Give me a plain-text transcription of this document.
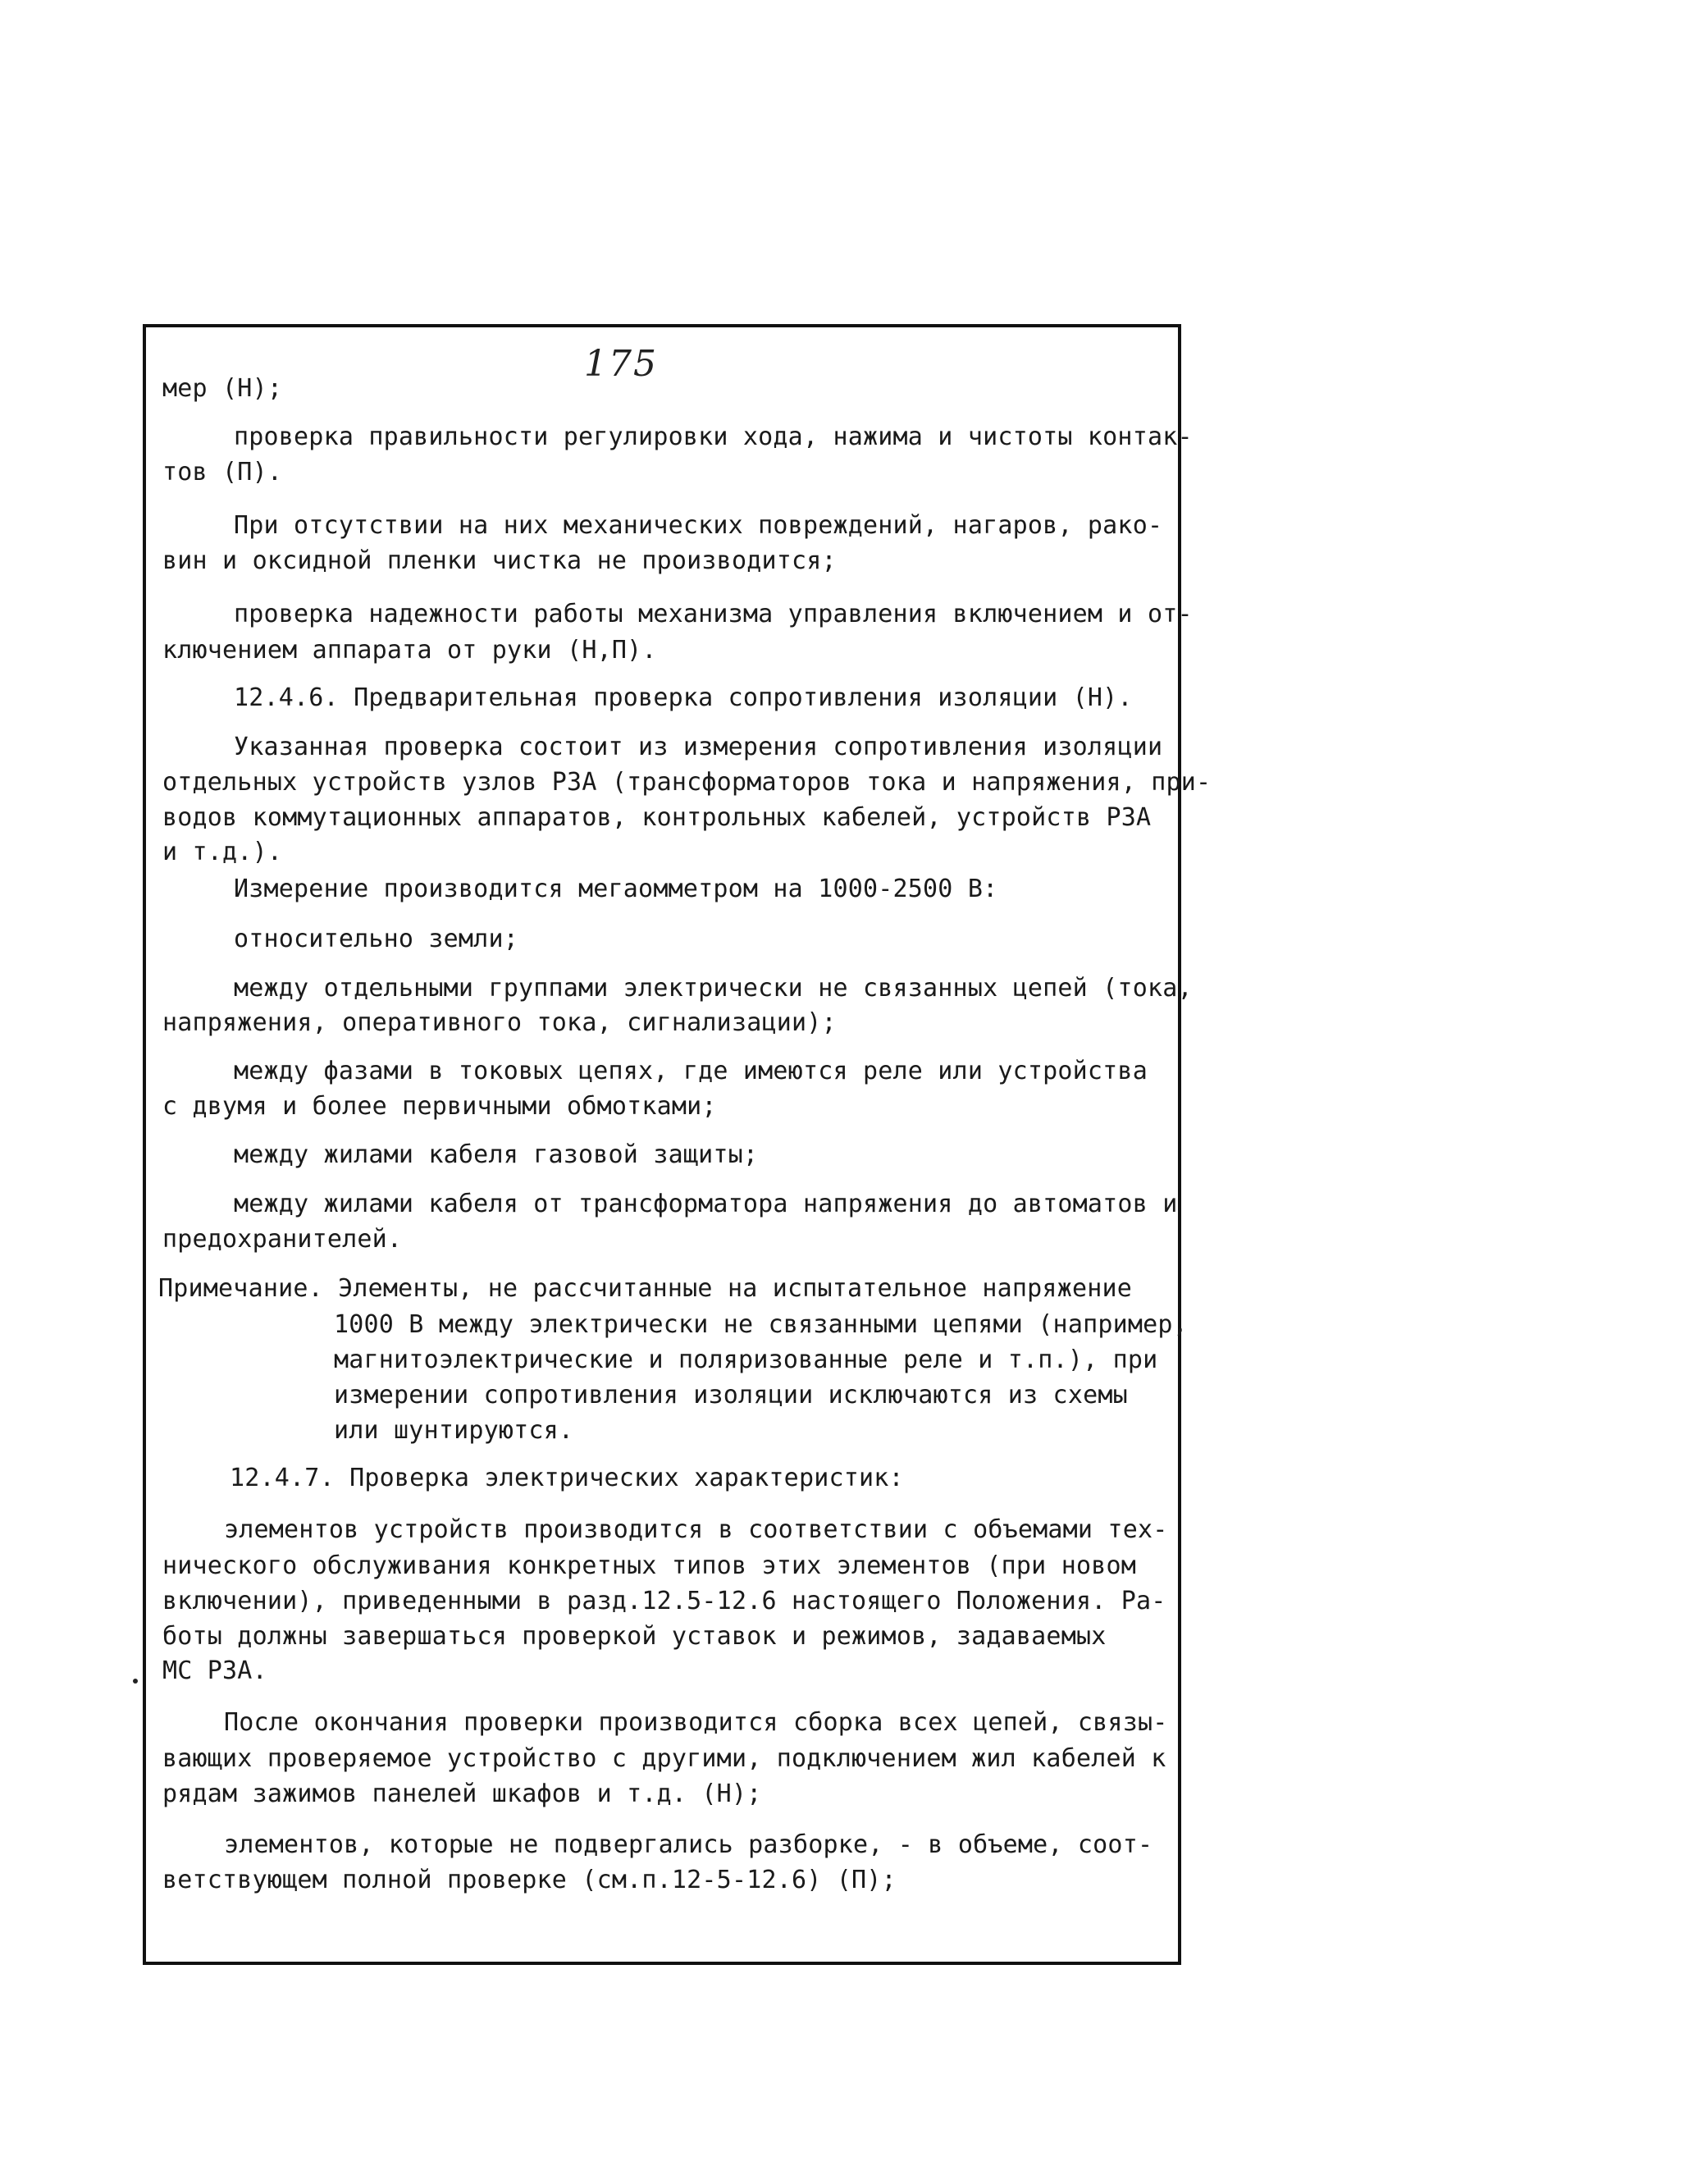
175
мер (Н);
проверка правильности регулировки хода, нажима и чистоты контак-
тов (П).
При отсутствии на них механических повреждений, нагаров, рако-
вин и оксидной пленки чистка не производится;
проверка надежности работы механизма управления включением и от-
ключением аппарата от руки (Н,П).
12.4.6. Предварительная проверка сопротивления изоляции (Н).
Указанная проверка состоит из измерения сопротивления изоляции
отдельных устройств узлов РЗА (трансформаторов тока и напряжения, при-
водов коммутационных аппаратов, контрольных кабелей, устройств РЗА
и т.д.).
Измерение производится мегаомметром на 1000-2500 В:
относительно земли;
между отдельными группами электрически не связанных цепей (тока,
напряжения, оперативного тока, сигнализации);
между фазами в токовых цепях, где имеются реле или устройства
с двумя и более первичными обмотками;
между жилами кабеля газовой защиты;
между жилами кабеля от трансформатора напряжения до автоматов и
предохранителей.
Примечание. Элементы, не рассчитанные на испытательное напряжение
1000 В между электрически не связанными цепями (например,
магнитоэлектрические и поляризованные реле и т.п.), при
измерении сопротивления изоляции исключаются из схемы
или шунтируются.
12.4.7. Проверка электрических характеристик:
элементов устройств производится в соответствии с объемами тех-
нического обслуживания конкретных типов этих элементов (при новом
включении), приведенными в разд.12.5-12.6 настоящего Положения. Ра-
боты должны завершаться проверкой уставок и режимов, задаваемых
МС РЗА.
После окончания проверки производится сборка всех цепей, связы-
вающих проверяемое устройство с другими, подключением жил кабелей к
рядам зажимов панелей шкафов и т.д. (Н);
элементов, которые не подвергались разборке, - в объеме, соот-
ветствующем полной проверке (см.п.12-5-12.6) (П);
